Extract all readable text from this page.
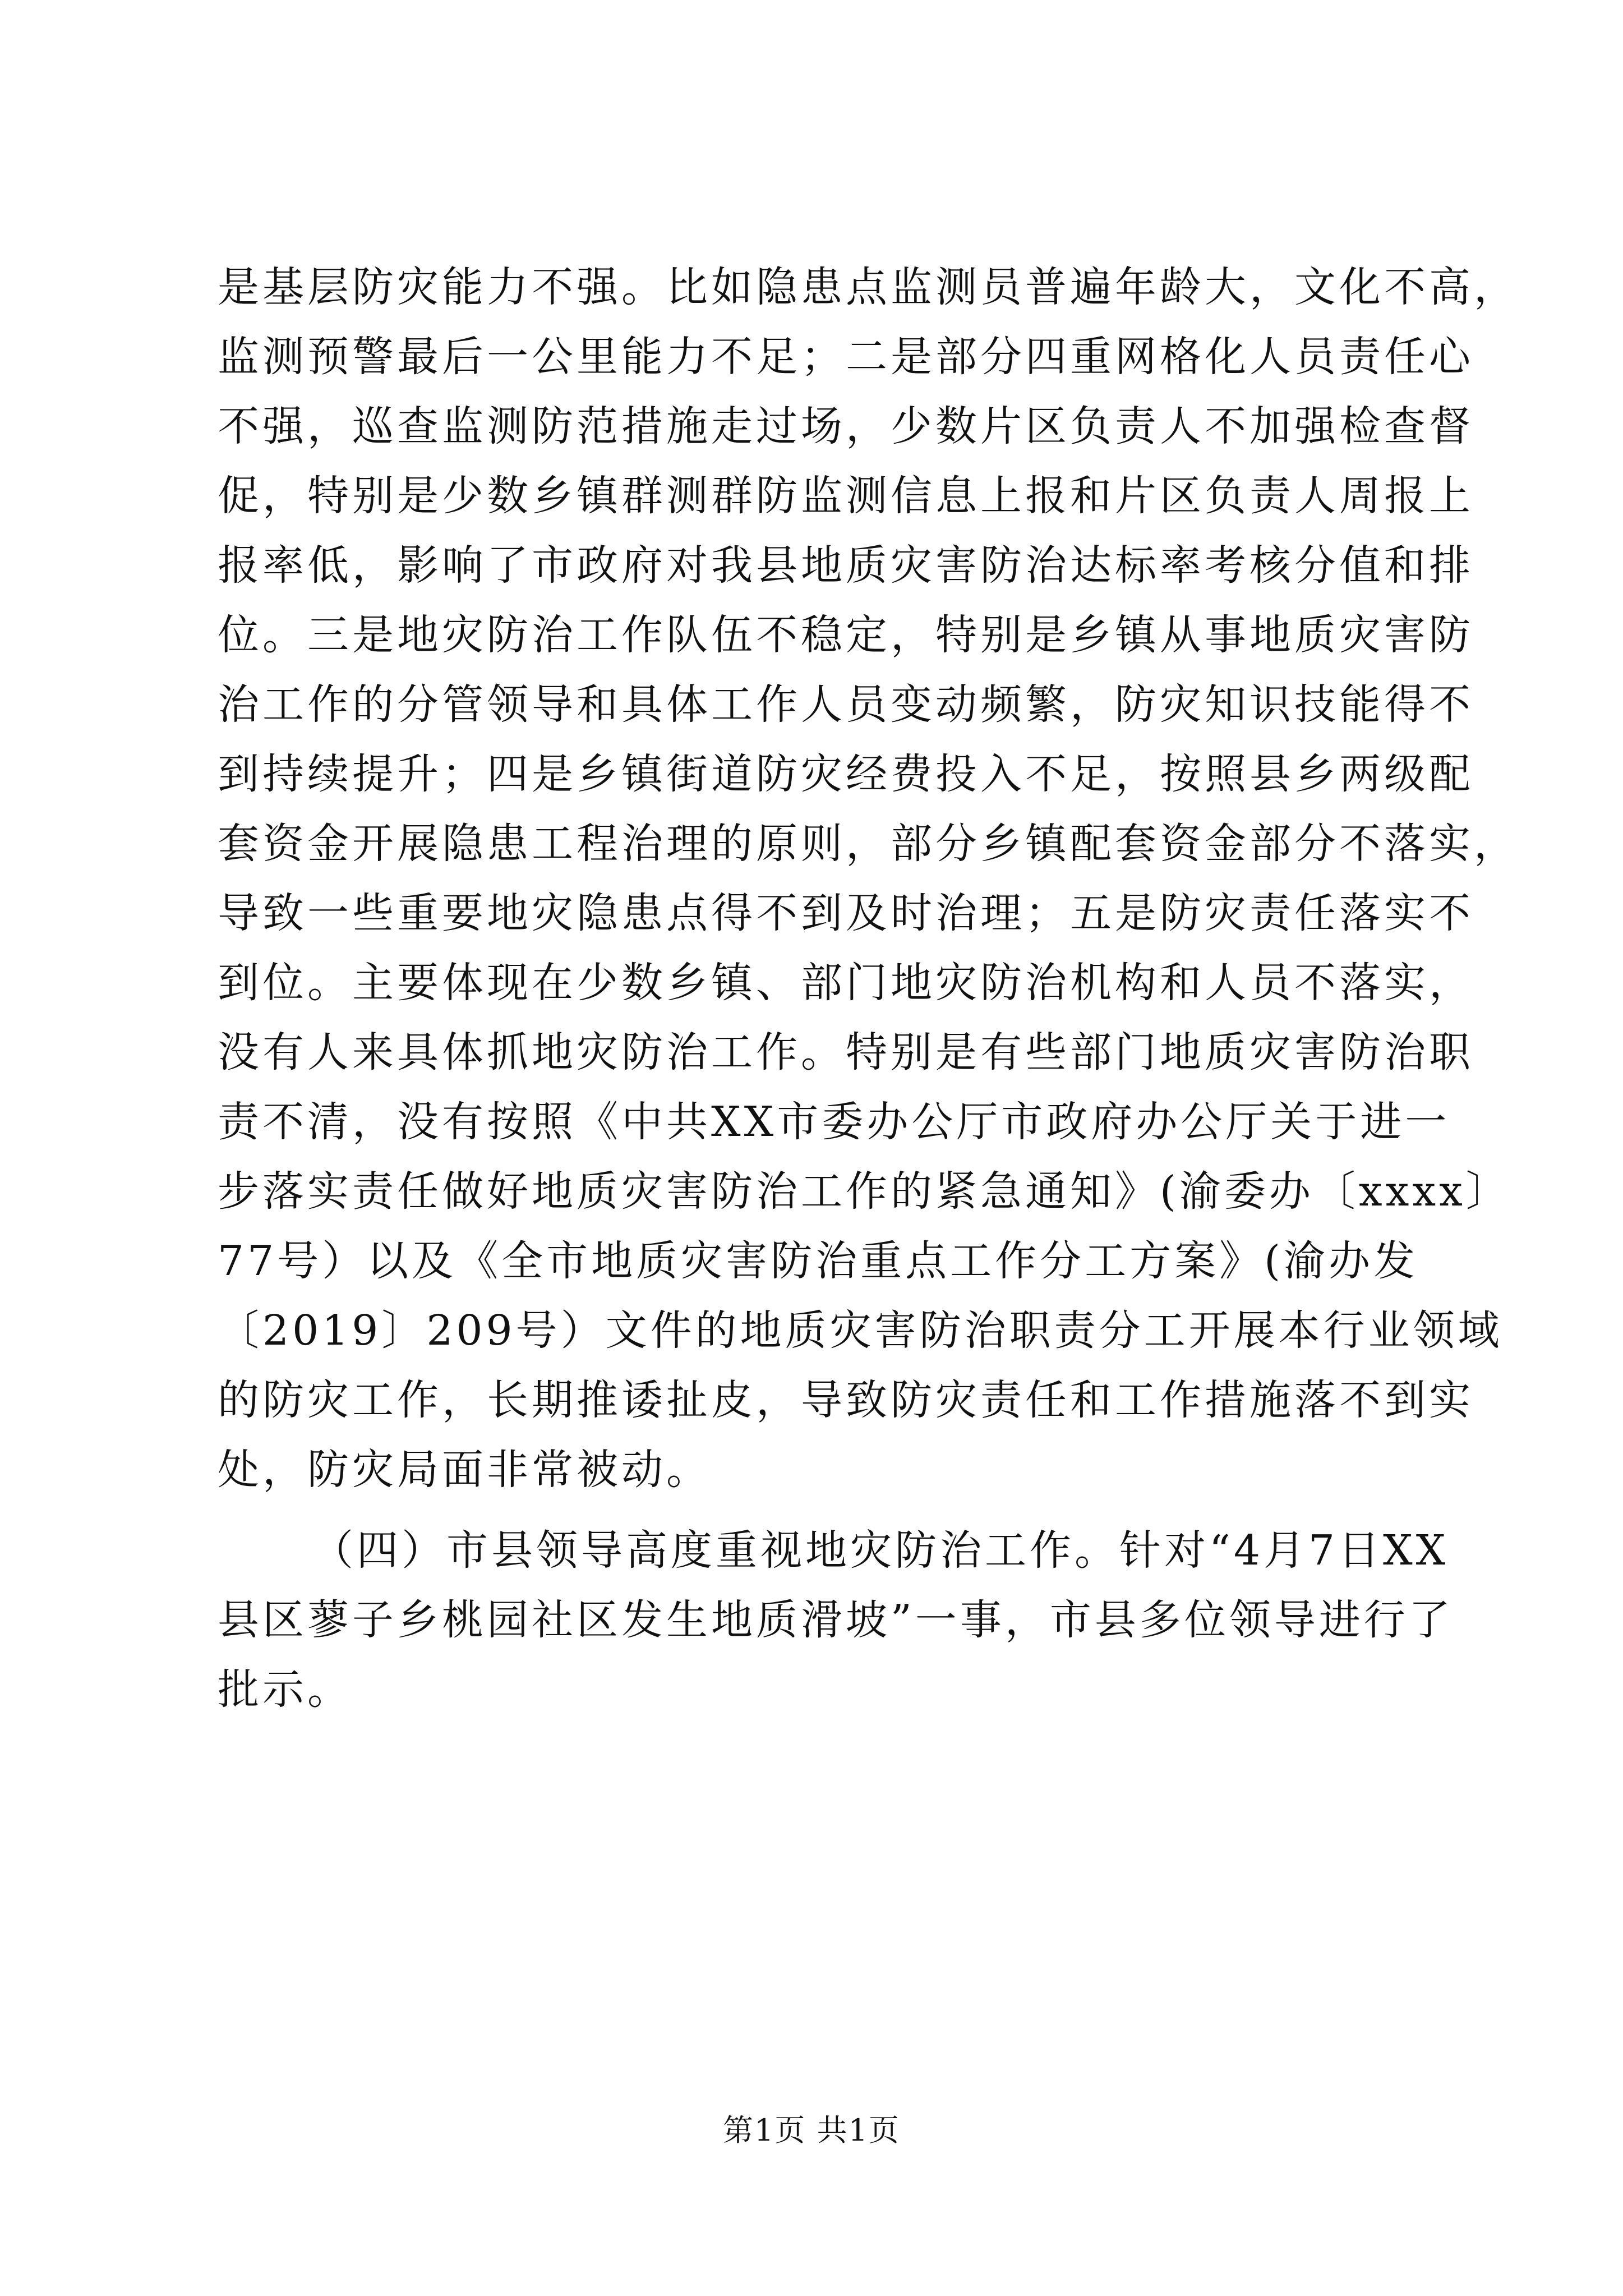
是基层防灾能力不强。比如隐患点监测员普遍年龄大，文化不高，
监测预警最后一公里能力不足；二是部分四重网格化人员责任心
不强，巡查监测防范措施走过场，少数片区负责人不加强检查督
促，特别是少数乡镇群测群防监测信息上报和片区负责人周报上
报率低，影响了市政府对我县地质灾害防治达标率考核分值和排
位。三是地灾防治工作队伍不稳定，特别是乡镇从事地质灾害防
治工作的分管领导和具体工作人员变动频繁，防灾知识技能得不
到持续提升；四是乡镇街道防灾经费投入不足，按照县乡两级配
套资金开展隐患工程治理的原则，部分乡镇配套资金部分不落实，
导致一些重要地灾隐患点得不到及时治理；五是防灾责任落实不
到位。主要体现在少数乡镇、部门地灾防治机构和人员不落实，
没有人来具体抓地灾防治工作。特别是有些部门地质灾害防治职
责不清，没有按照《中共XX市委办公厅市政府办公厅关于进一
步落实责任做好地质灾害防治工作的紧急通知》(渝委办〔xxxx〕
77号）以及《全市地质灾害防治重点工作分工方案》(渝办发
〔2019〕209号）文件的地质灾害防治职责分工开展本行业领域
的防灾工作，长期推诿扯皮，导致防灾责任和工作措施落不到实
处，防灾局面非常被动。
（四）市县领导高度重视地灾防治工作。针对“4月7日XX
县区蓼子乡桃园社区发生地质滑坡”一事，市县多位领导进行了
批示。
第1页 共1页
